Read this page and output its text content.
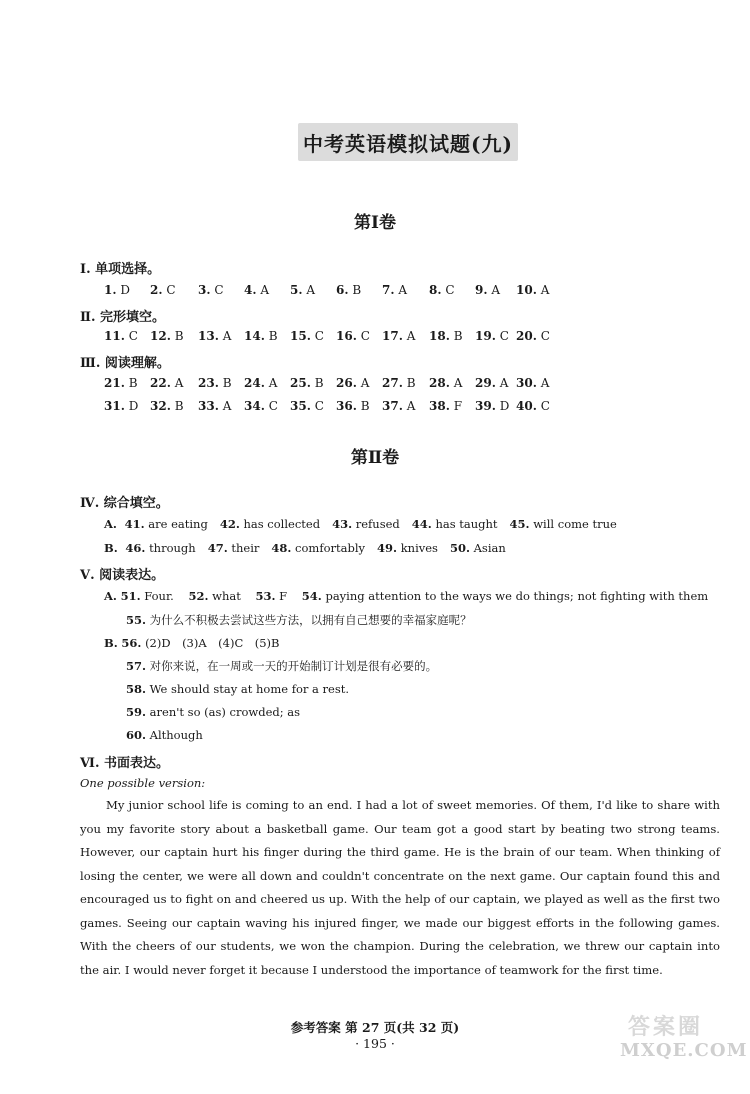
中考英语模拟试题(九)
第Ⅰ卷
Ⅰ. 单项选择。
1. D 2. C 3. C 4. A 5. A 6. B 7. A 8. C 9. A 10. A
Ⅱ. 完形填空。
11. C 12. B 13. A 14. B 15. C 16. C 17. A 18. B 19. C 20. C
Ⅲ. 阅读理解。
21. B 22. A 23. B 24. A 25. B 26. A 27. B 28. A 29. A 30. A
31. D 32. B 33. A 34. C 35. C 36. B 37. A 38. F 39. D 40. C
第Ⅱ卷
Ⅳ. 综合填空。
A. 41. are eating 42. has collected 43. refused 44. has taught 45. will come true
B. 46. through 47. their 48. comfortably 49. knives 50. Asian
Ⅴ. 阅读表达。
A. 51. Four. 52. what 53. F 54. paying attention to the ways we do things; not fighting with them
55. 为什么不积极去尝试这些方法，以拥有自己想要的幸福家庭呢？
B. 56. (2)D　(3)A　(4)C　(5)B
57. 对你来说，在一周或一天的开始制订计划是很有必要的。
58. We should stay at home for a rest.
59. aren't so (as) crowded; as
60. Although
Ⅵ. 书面表达。
One possible version:
My junior school life is coming to an end. I had a lot of sweet memories. Of them, I'd like to share with you my favorite story about a basketball game. Our team got a good start by beating two strong teams. However, our captain hurt his finger during the third game. He is the brain of our team. When thinking of losing the center, we were all down and couldn't concentrate on the next game. Our captain found this and encouraged us to fight on and cheered us up. With the help of our captain, we played as well as the first two games. Seeing our captain waving his injured finger, we made our biggest efforts in the following games. With the cheers of our students, we won the champion. During the celebration, we threw our captain into the air. I would never forget it because I understood the importance of teamwork for the first time.
参考答案 第 27 页(共 32 页)
· 195 ·
答案圈
MXQE.COM
